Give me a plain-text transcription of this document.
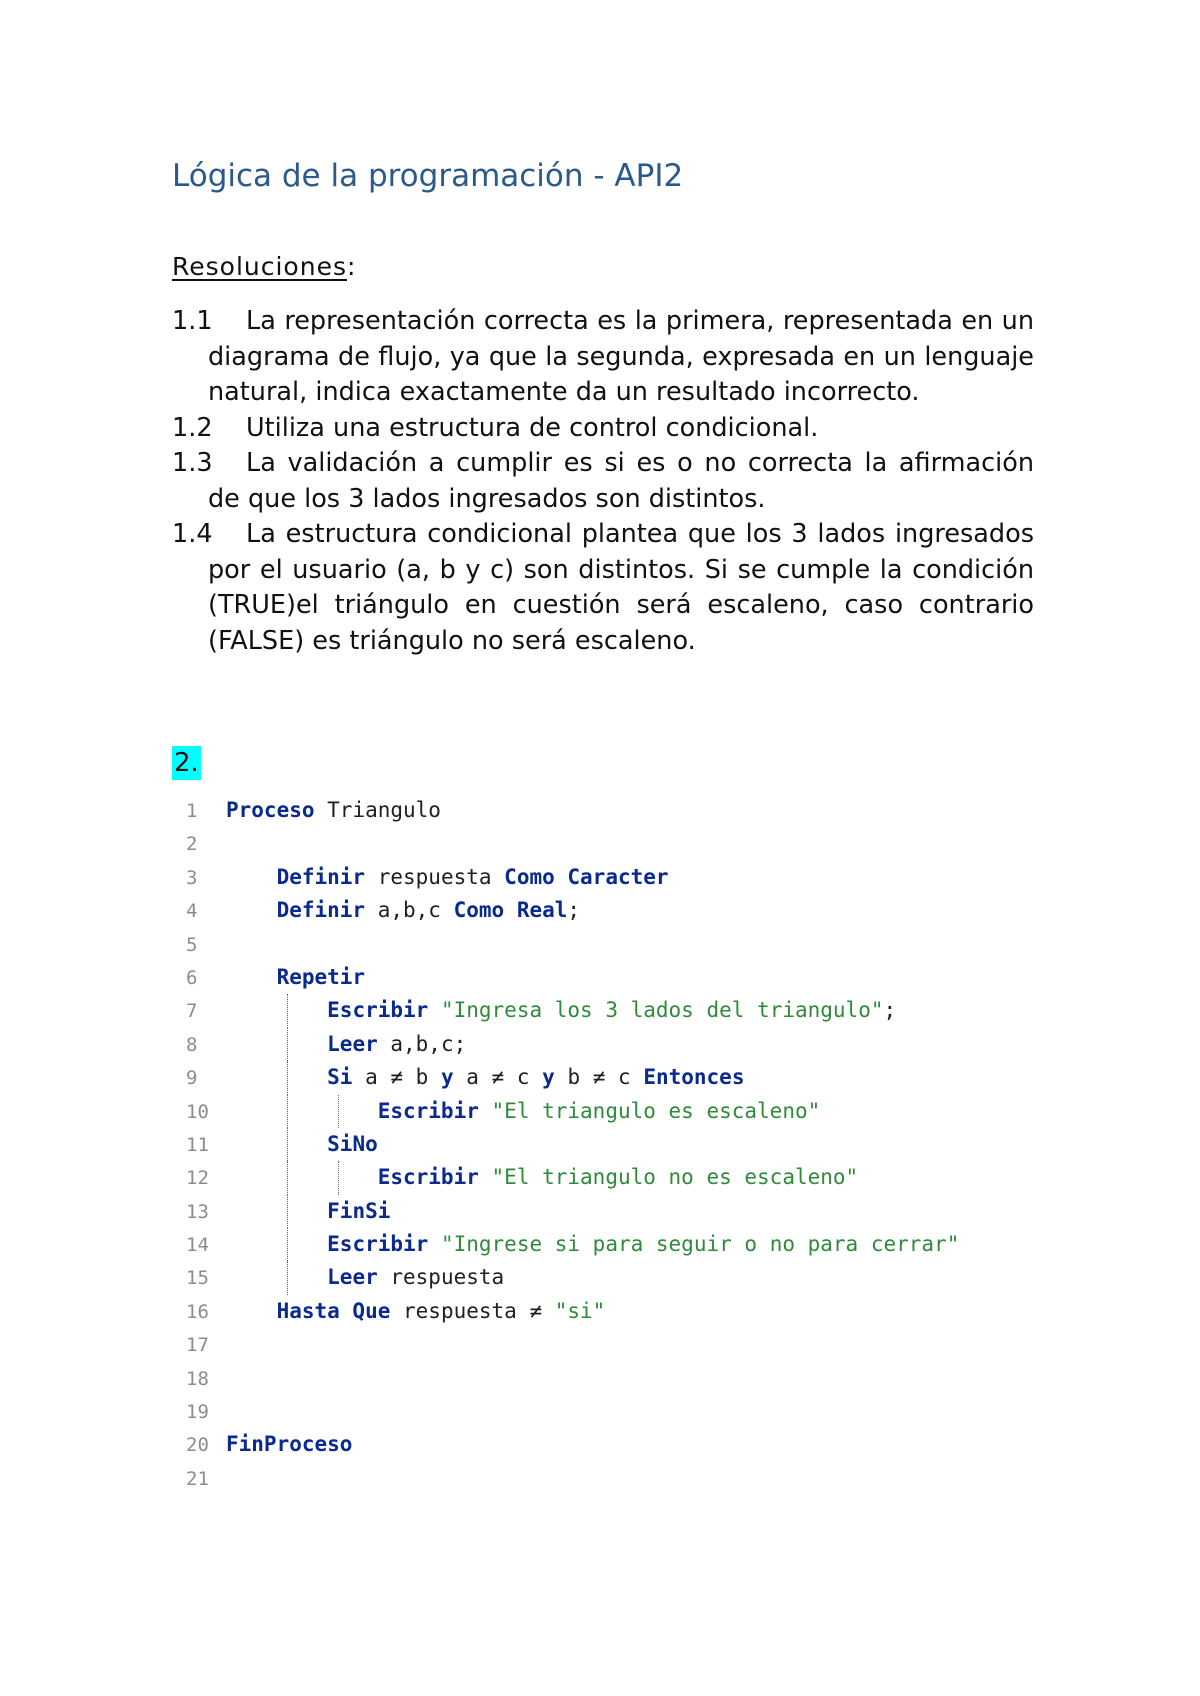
Lógica de la programación - API2
Resoluciones:
1.1 La representación correcta es la primera, representada en un diagrama de flujo, ya que la segunda, expresada en un lenguaje natural, indica exactamente da un resultado incorrecto.
1.2 Utiliza una estructura de control condicional.
1.3 La validación a cumplir es si es o no correcta la afirmación de que los 3 lados ingresados son distintos.
1.4 La estructura condicional plantea que los 3 lados ingresados por el usuario (a, b y c) son distintos. Si se cumple la condición (TRUE)el triángulo en cuestión será escaleno, caso contrario (FALSE) es triángulo no será escaleno.
2.
1 Proceso Triangulo
2
3	Definir respuesta Como Caracter
4	Definir a,b,c Como Real;
5
6	Repetir
7	Escribir "Ingresa los 3 lados del triangulo";
8	Leer a,b,c;
9	Si a ≠ b y a ≠ c y b ≠ c Entonces
10	Escribir "El triangulo es escaleno"
11	SiNo
12	Escribir "El triangulo no es escaleno"
13	FinSi
14	Escribir "Ingrese si para seguir o no para cerrar"
15	Leer respuesta
16	Hasta Que respuesta ≠ "si"
17
18
19
20 FinProceso
21
